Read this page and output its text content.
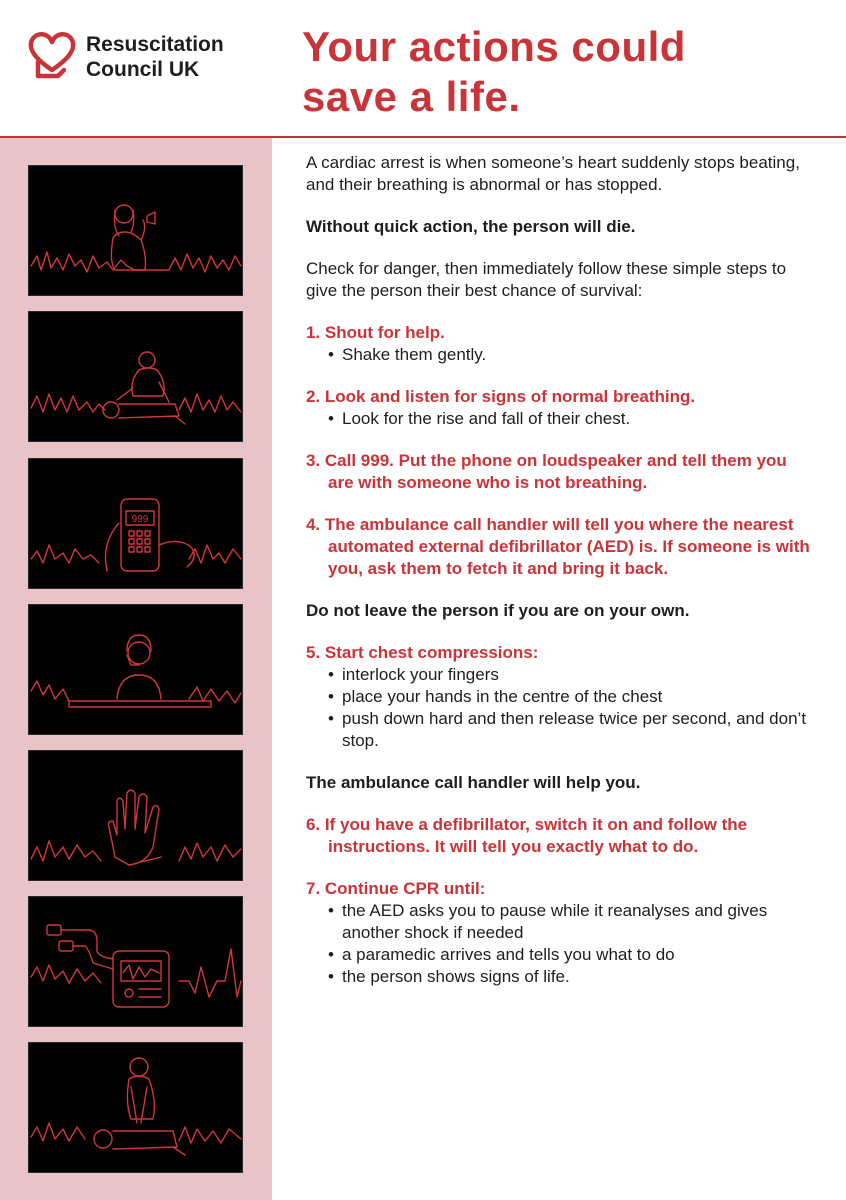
Resuscitation
Council UK	Your actions could
save a life.
999

A cardiac arrest is when someone’s heart suddenly stops beating, and their breathing is abnormal or has stopped.

Without quick action, the person will die.

Check for danger, then immediately follow these simple steps to give the person their best chance of survival:

1. Shout for help.
• Shake them gently.
2. Look and listen for signs of normal breathing.
• Look for the rise and fall of their chest.
3. Call 999. Put the phone on loudspeaker and tell them you are with someone who is not breathing.
4. The ambulance call handler will tell you where the nearest automated external defibrillator (AED) is. If someone is with you, ask them to fetch it and bring it back.

Do not leave the person if you are on your own.

5. Start chest compressions:
• interlock your fingers
• place your hands in the centre of the chest
• push down hard and then release twice per second, and don’t stop.

The ambulance call handler will help you.

6. If you have a defibrillator, switch it on and follow the instructions. It will tell you exactly what to do.
7. Continue CPR until:
• the AED asks you to pause while it reanalyses and gives another shock if needed
• a paramedic arrives and tells you what to do
• the person shows signs of life.
